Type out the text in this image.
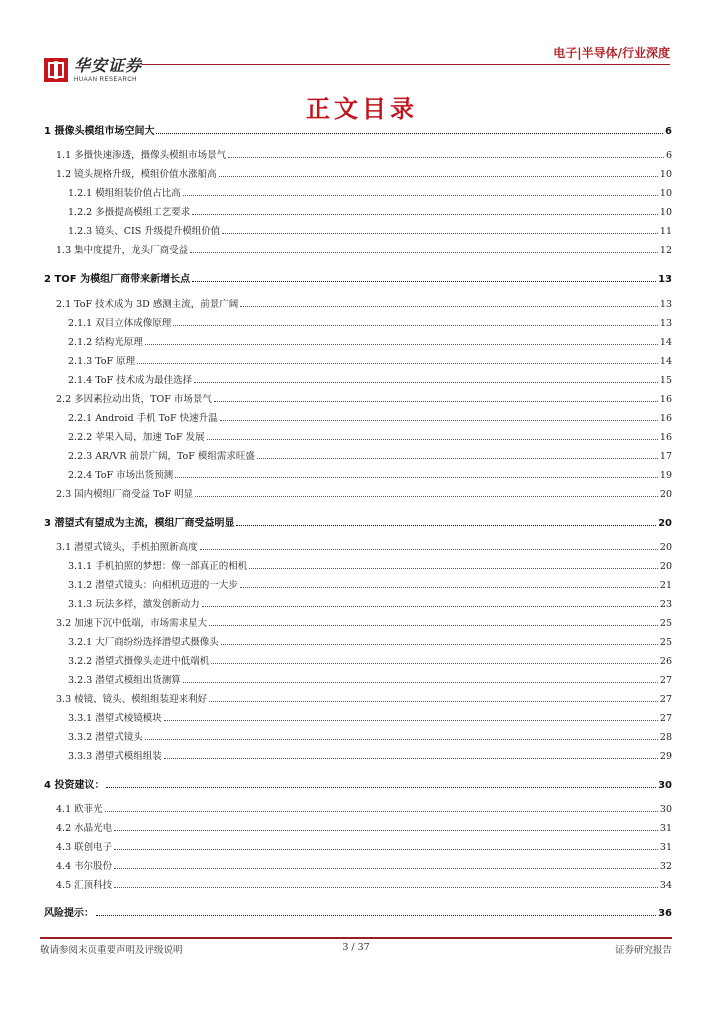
华安证券
HUAAN RESEARCH
电子|半导体/行业深度
正文目录
1 摄像头模组市场空间大	6
1.1 多摄快速渗透，摄像头模组市场景气	6
1.2 镜头规格升级，模组价值水涨船高	10
1.2.1 模组组装价值占比高	10
1.2.2 多摄提高模组工艺要求	10
1.2.3 镜头、CIS 升级提升模组价值	11
1.3 集中度提升，龙头厂商受益	12
2 TOF 为模组厂商带来新增长点	13
2.1 ToF 技术成为 3D 感测主流，前景广阔	13
2.1.1 双目立体成像原理	13
2.1.2 结构光原理	14
2.1.3 ToF 原理	14
2.1.4 ToF 技术成为最佳选择	15
2.2 多因素拉动出货，TOF 市场景气	16
2.2.1 Android 手机 ToF 快速升温	16
2.2.2 苹果入局，加速 ToF 发展	16
2.2.3 AR/VR 前景广阔，ToF 模组需求旺盛	17
2.2.4 ToF 市场出货预测	19
2.3 国内模组厂商受益 ToF 明显	20
3 潜望式有望成为主流，模组厂商受益明显	20
3.1 潜望式镜头，手机拍照新高度	20
3.1.1 手机拍照的梦想：像一部真正的相机	20
3.1.2 潜望式镜头：向相机迈进的一大步	21
3.1.3 玩法多样，激发创新动力	23
3.2 加速下沉中低端，市场需求星大	25
3.2.1 大厂商纷纷选择潜望式摄像头	25
3.2.2 潜望式摄像头走进中低端机	26
3.2.3 潜望式模组出货测算	27
3.3 棱镜、镜头、模组组装迎来利好	27
3.3.1 潜望式棱镜模块	27
3.3.2 潜望式镜头	28
3.3.3 潜望式模组组装	29
4 投资建议：	30
4.1 欧菲光	30
4.2 水晶光电	31
4.3 联创电子	31
4.4 韦尔股份	32
4.5 汇顶科技	34
风险提示：	36
敬请参阅末页重要声明及评级说明	3 / 37	证券研究报告
